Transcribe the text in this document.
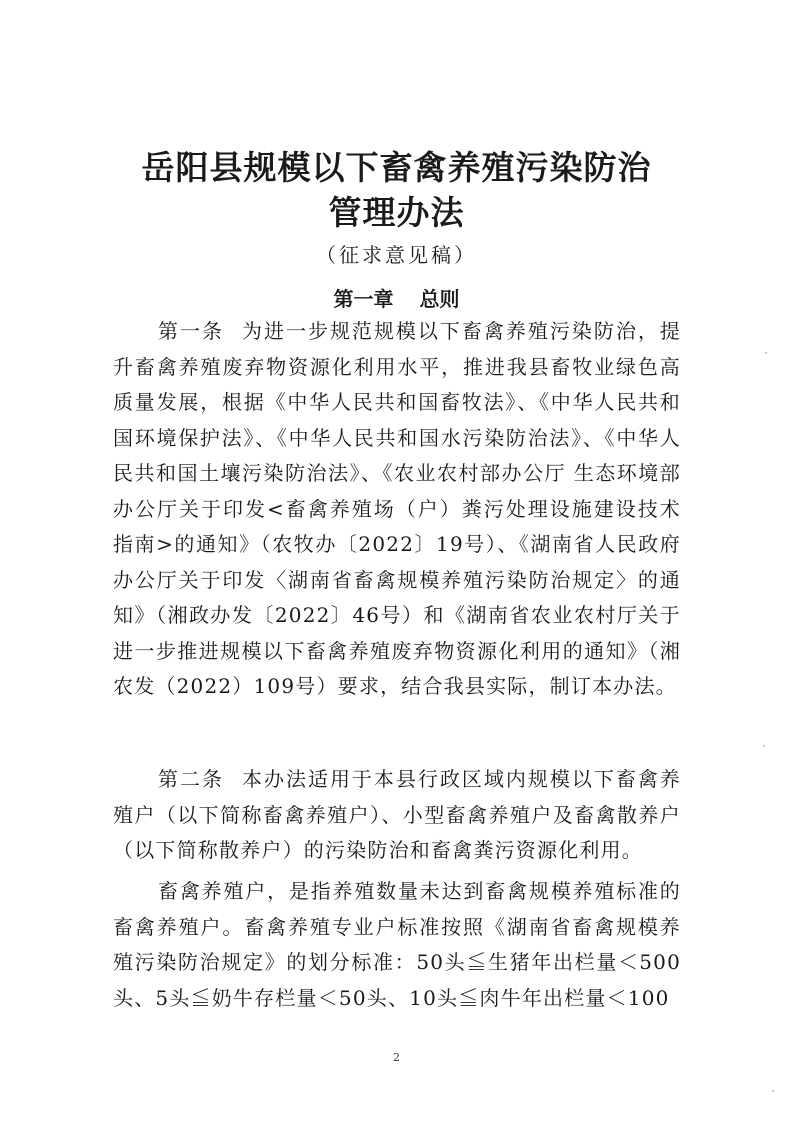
岳阳县规模以下畜禽养殖污染防治
管理办法
（征求意见稿）
第一章 总则

第一条 为进一步规范规模以下畜禽养殖污染防治，提升畜禽养殖废弃物资源化利用水平，推进我县畜牧业绿色高质量发展，根据《中华人民共和国畜牧法》、《中华人民共和国环境保护法》、《中华人民共和国水污染防治法》、《中华人民共和国土壤污染防治法》、《农业农村部办公厅 生态环境部办公厅关于印发<畜禽养殖场（户）粪污处理设施建设技术指南>的通知》（农牧办〔2022〕19号）、《湖南省人民政府办公厅关于印发〈湖南省畜禽规模养殖污染防治规定〉的通知》（湘政办发〔2022〕46号）和《湖南省农业农村厅关于进一步推进规模以下畜禽养殖废弃物资源化利用的通知》（湘农发（2022）109号）要求，结合我县实际，制订本办法。

第二条 本办法适用于本县行政区域内规模以下畜禽养殖户（以下简称畜禽养殖户）、小型畜禽养殖户及畜禽散养户（以下简称散养户）的污染防治和畜禽粪污资源化利用。

畜禽养殖户，是指养殖数量未达到畜禽规模养殖标准的畜禽养殖户。畜禽养殖专业户标准按照《湖南省畜禽规模养殖污染防治规定》的划分标准：50头≦生猪年出栏量＜500头、5头≦奶牛存栏量＜50头、10头≦肉牛年出栏量＜100

2
